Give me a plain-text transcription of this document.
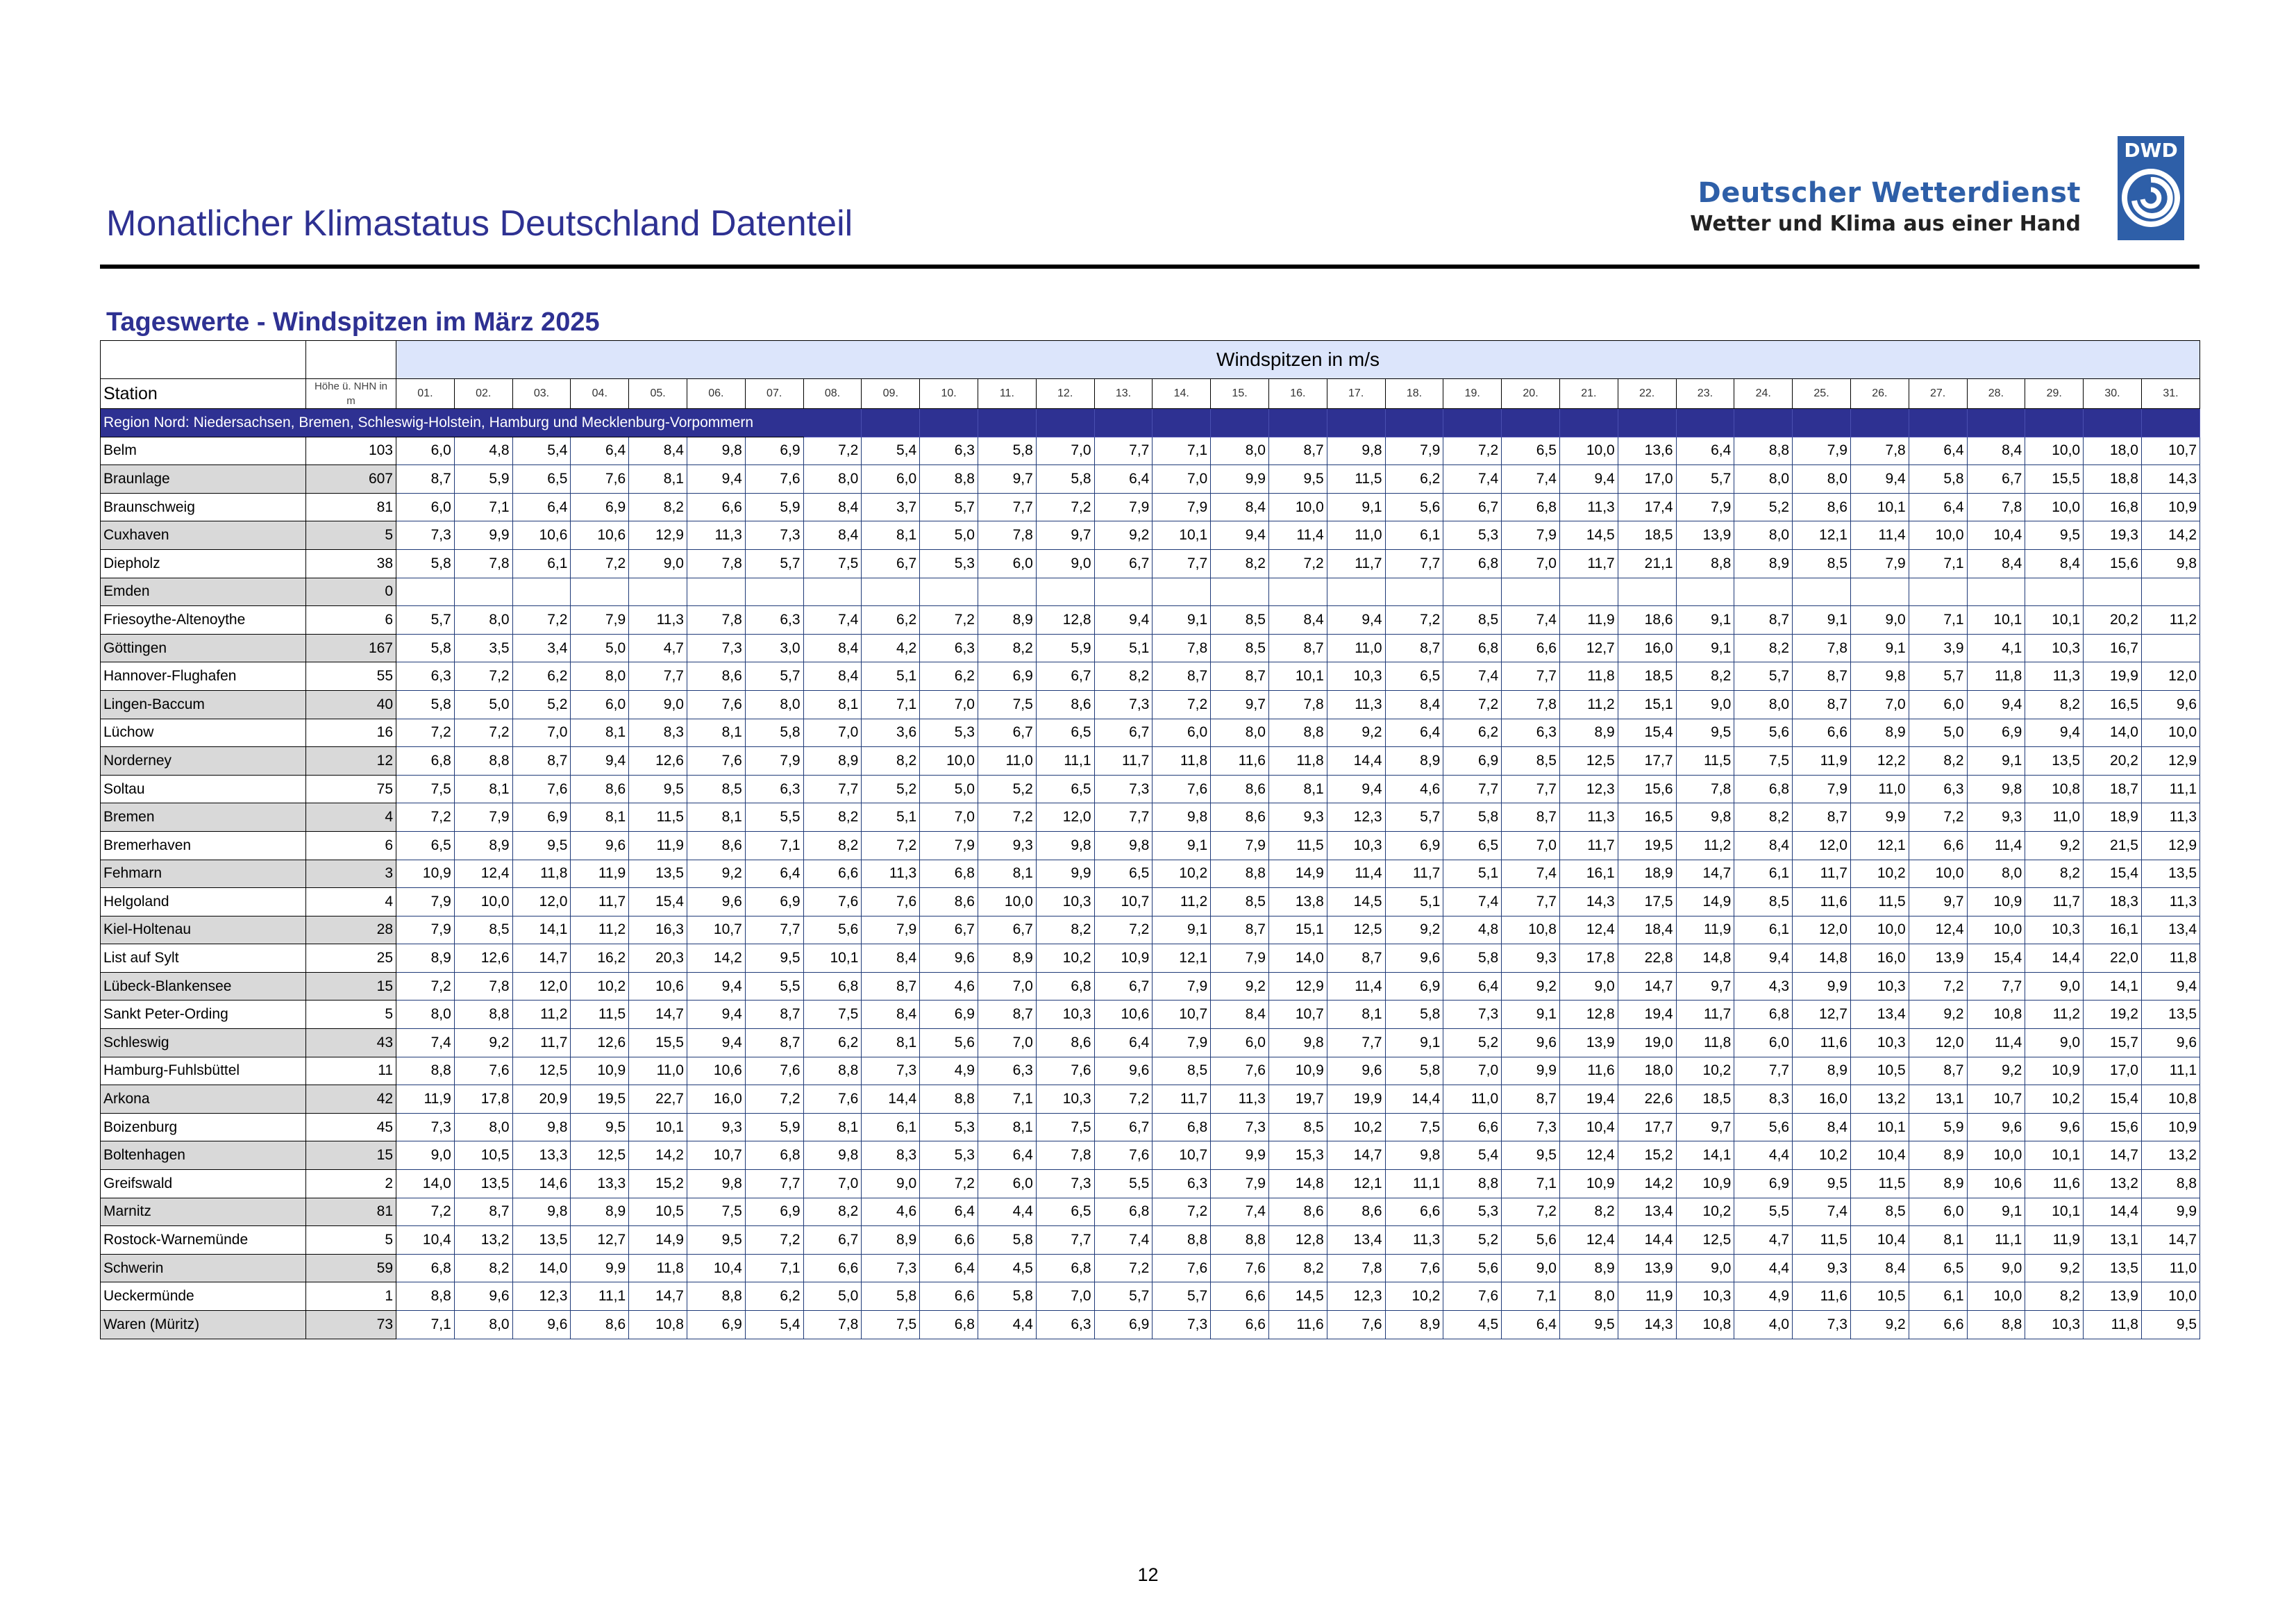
Monatlicher Klimastatus Deutschland Datenteil
Deutscher Wetterdienst
Wetter und Klima aus einer Hand
DWD
Tageswerte - Windspitzen im März 2025
		Windspitzen in m/s																														
Station	Höhe ü. NHN in m	01.	02.	03.	04.	05.	06.	07.	08.	09.	10.	11.	12.	13.	14.	15.	16.	17.	18.	19.	20.	21.	22.	23.	24.	25.	26.	27.	28.	29.	30.	31.
Region Nord: Niedersachsen, Bremen, Schleswig-Holstein, Hamburg und Mecklenburg-Vorpommern																																
Belm	103	6,0	4,8	5,4	6,4	8,4	9,8	6,9	7,2	5,4	6,3	5,8	7,0	7,7	7,1	8,0	8,7	9,8	7,9	7,2	6,5	10,0	13,6	6,4	8,8	7,9	7,8	6,4	8,4	10,0	18,0	10,7
Braunlage	607	8,7	5,9	6,5	7,6	8,1	9,4	7,6	8,0	6,0	8,8	9,7	5,8	6,4	7,0	9,9	9,5	11,5	6,2	7,4	7,4	9,4	17,0	5,7	8,0	8,0	9,4	5,8	6,7	15,5	18,8	14,3
Braunschweig	81	6,0	7,1	6,4	6,9	8,2	6,6	5,9	8,4	3,7	5,7	7,7	7,2	7,9	7,9	8,4	10,0	9,1	5,6	6,7	6,8	11,3	17,4	7,9	5,2	8,6	10,1	6,4	7,8	10,0	16,8	10,9
Cuxhaven	5	7,3	9,9	10,6	10,6	12,9	11,3	7,3	8,4	8,1	5,0	7,8	9,7	9,2	10,1	9,4	11,4	11,0	6,1	5,3	7,9	14,5	18,5	13,9	8,0	12,1	11,4	10,0	10,4	9,5	19,3	14,2
Diepholz	38	5,8	7,8	6,1	7,2	9,0	7,8	5,7	7,5	6,7	5,3	6,0	9,0	6,7	7,7	8,2	7,2	11,7	7,7	6,8	7,0	11,7	21,1	8,8	8,9	8,5	7,9	7,1	8,4	8,4	15,6	9,8
Emden	0																															
Friesoythe-Altenoythe	6	5,7	8,0	7,2	7,9	11,3	7,8	6,3	7,4	6,2	7,2	8,9	12,8	9,4	9,1	8,5	8,4	9,4	7,2	8,5	7,4	11,9	18,6	9,1	8,7	9,1	9,0	7,1	10,1	10,1	20,2	11,2
Göttingen	167	5,8	3,5	3,4	5,0	4,7	7,3	3,0	8,4	4,2	6,3	8,2	5,9	5,1	7,8	8,5	8,7	11,0	8,7	6,8	6,6	12,7	16,0	9,1	8,2	7,8	9,1	3,9	4,1	10,3	16,7	
Hannover-Flughafen	55	6,3	7,2	6,2	8,0	7,7	8,6	5,7	8,4	5,1	6,2	6,9	6,7	8,2	8,7	8,7	10,1	10,3	6,5	7,4	7,7	11,8	18,5	8,2	5,7	8,7	9,8	5,7	11,8	11,3	19,9	12,0
Lingen-Baccum	40	5,8	5,0	5,2	6,0	9,0	7,6	8,0	8,1	7,1	7,0	7,5	8,6	7,3	7,2	9,7	7,8	11,3	8,4	7,2	7,8	11,2	15,1	9,0	8,0	8,7	7,0	6,0	9,4	8,2	16,5	9,6
Lüchow	16	7,2	7,2	7,0	8,1	8,3	8,1	5,8	7,0	3,6	5,3	6,7	6,5	6,7	6,0	8,0	8,8	9,2	6,4	6,2	6,3	8,9	15,4	9,5	5,6	6,6	8,9	5,0	6,9	9,4	14,0	10,0
Norderney	12	6,8	8,8	8,7	9,4	12,6	7,6	7,9	8,9	8,2	10,0	11,0	11,1	11,7	11,8	11,6	11,8	14,4	8,9	6,9	8,5	12,5	17,7	11,5	7,5	11,9	12,2	8,2	9,1	13,5	20,2	12,9
Soltau	75	7,5	8,1	7,6	8,6	9,5	8,5	6,3	7,7	5,2	5,0	5,2	6,5	7,3	7,6	8,6	8,1	9,4	4,6	7,7	7,7	12,3	15,6	7,8	6,8	7,9	11,0	6,3	9,8	10,8	18,7	11,1
Bremen	4	7,2	7,9	6,9	8,1	11,5	8,1	5,5	8,2	5,1	7,0	7,2	12,0	7,7	9,8	8,6	9,3	12,3	5,7	5,8	8,7	11,3	16,5	9,8	8,2	8,7	9,9	7,2	9,3	11,0	18,9	11,3
Bremerhaven	6	6,5	8,9	9,5	9,6	11,9	8,6	7,1	8,2	7,2	7,9	9,3	9,8	9,8	9,1	7,9	11,5	10,3	6,9	6,5	7,0	11,7	19,5	11,2	8,4	12,0	12,1	6,6	11,4	9,2	21,5	12,9
Fehmarn	3	10,9	12,4	11,8	11,9	13,5	9,2	6,4	6,6	11,3	6,8	8,1	9,9	6,5	10,2	8,8	14,9	11,4	11,7	5,1	7,4	16,1	18,9	14,7	6,1	11,7	10,2	10,0	8,0	8,2	15,4	13,5
Helgoland	4	7,9	10,0	12,0	11,7	15,4	9,6	6,9	7,6	7,6	8,6	10,0	10,3	10,7	11,2	8,5	13,8	14,5	5,1	7,4	7,7	14,3	17,5	14,9	8,5	11,6	11,5	9,7	10,9	11,7	18,3	11,3
Kiel-Holtenau	28	7,9	8,5	14,1	11,2	16,3	10,7	7,7	5,6	7,9	6,7	6,7	8,2	7,2	9,1	8,7	15,1	12,5	9,2	4,8	10,8	12,4	18,4	11,9	6,1	12,0	10,0	12,4	10,0	10,3	16,1	13,4
List auf Sylt	25	8,9	12,6	14,7	16,2	20,3	14,2	9,5	10,1	8,4	9,6	8,9	10,2	10,9	12,1	7,9	14,0	8,7	9,6	5,8	9,3	17,8	22,8	14,8	9,4	14,8	16,0	13,9	15,4	14,4	22,0	11,8
Lübeck-Blankensee	15	7,2	7,8	12,0	10,2	10,6	9,4	5,5	6,8	8,7	4,6	7,0	6,8	6,7	7,9	9,2	12,9	11,4	6,9	6,4	9,2	9,0	14,7	9,7	4,3	9,9	10,3	7,2	7,7	9,0	14,1	9,4
Sankt Peter-Ording	5	8,0	8,8	11,2	11,5	14,7	9,4	8,7	7,5	8,4	6,9	8,7	10,3	10,6	10,7	8,4	10,7	8,1	5,8	7,3	9,1	12,8	19,4	11,7	6,8	12,7	13,4	9,2	10,8	11,2	19,2	13,5
Schleswig	43	7,4	9,2	11,7	12,6	15,5	9,4	8,7	6,2	8,1	5,6	7,0	8,6	6,4	7,9	6,0	9,8	7,7	9,1	5,2	9,6	13,9	19,0	11,8	6,0	11,6	10,3	12,0	11,4	9,0	15,7	9,6
Hamburg-Fuhlsbüttel	11	8,8	7,6	12,5	10,9	11,0	10,6	7,6	8,8	7,3	4,9	6,3	7,6	9,6	8,5	7,6	10,9	9,6	5,8	7,0	9,9	11,6	18,0	10,2	7,7	8,9	10,5	8,7	9,2	10,9	17,0	11,1
Arkona	42	11,9	17,8	20,9	19,5	22,7	16,0	7,2	7,6	14,4	8,8	7,1	10,3	7,2	11,7	11,3	19,7	19,9	14,4	11,0	8,7	19,4	22,6	18,5	8,3	16,0	13,2	13,1	10,7	10,2	15,4	10,8
Boizenburg	45	7,3	8,0	9,8	9,5	10,1	9,3	5,9	8,1	6,1	5,3	8,1	7,5	6,7	6,8	7,3	8,5	10,2	7,5	6,6	7,3	10,4	17,7	9,7	5,6	8,4	10,1	5,9	9,6	9,6	15,6	10,9
Boltenhagen	15	9,0	10,5	13,3	12,5	14,2	10,7	6,8	9,8	8,3	5,3	6,4	7,8	7,6	10,7	9,9	15,3	14,7	9,8	5,4	9,5	12,4	15,2	14,1	4,4	10,2	10,4	8,9	10,0	10,1	14,7	13,2
Greifswald	2	14,0	13,5	14,6	13,3	15,2	9,8	7,7	7,0	9,0	7,2	6,0	7,3	5,5	6,3	7,9	14,8	12,1	11,1	8,8	7,1	10,9	14,2	10,9	6,9	9,5	11,5	8,9	10,6	11,6	13,2	8,8
Marnitz	81	7,2	8,7	9,8	8,9	10,5	7,5	6,9	8,2	4,6	6,4	4,4	6,5	6,8	7,2	7,4	8,6	8,6	6,6	5,3	7,2	8,2	13,4	10,2	5,5	7,4	8,5	6,0	9,1	10,1	14,4	9,9
Rostock-Warnemünde	5	10,4	13,2	13,5	12,7	14,9	9,5	7,2	6,7	8,9	6,6	5,8	7,7	7,4	8,8	8,8	12,8	13,4	11,3	5,2	5,6	12,4	14,4	12,5	4,7	11,5	10,4	8,1	11,1	11,9	13,1	14,7
Schwerin	59	6,8	8,2	14,0	9,9	11,8	10,4	7,1	6,6	7,3	6,4	4,5	6,8	7,2	7,6	7,6	8,2	7,8	7,6	5,6	9,0	8,9	13,9	9,0	4,4	9,3	8,4	6,5	9,0	9,2	13,5	11,0
Ueckermünde	1	8,8	9,6	12,3	11,1	14,7	8,8	6,2	5,0	5,8	6,6	5,8	7,0	5,7	5,7	6,6	14,5	12,3	10,2	7,6	7,1	8,0	11,9	10,3	4,9	11,6	10,5	6,1	10,0	8,2	13,9	10,0
Waren (Müritz)	73	7,1	8,0	9,6	8,6	10,8	6,9	5,4	7,8	7,5	6,8	4,4	6,3	6,9	7,3	6,6	11,6	7,6	8,9	4,5	6,4	9,5	14,3	10,8	4,0	7,3	9,2	6,6	8,8	10,3	11,8	9,5
12
